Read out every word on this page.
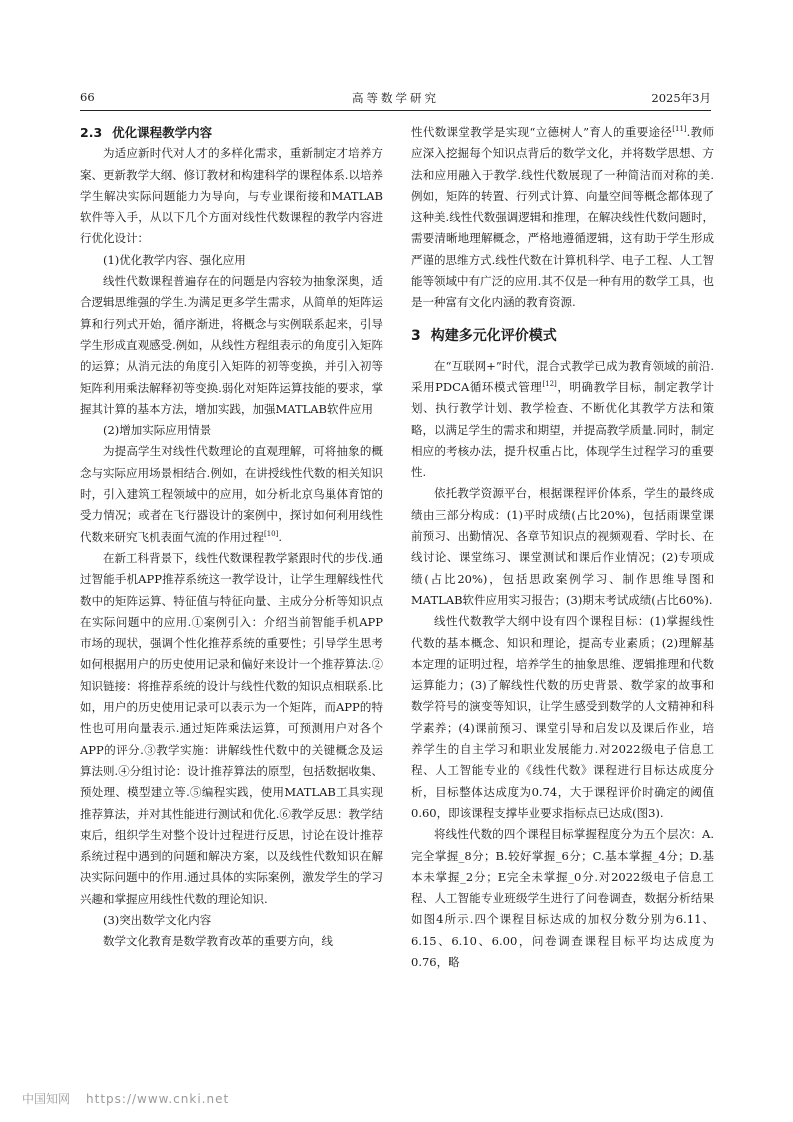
66	高等数学研究	2025年3月
2.3 优化课程教学内容

为适应新时代对人才的多样化需求，重新制定才培养方案、更新教学大纲、修订教材和构建科学的课程体系.以培养学生解决实际问题能力为导向，与专业课衔接和MATLAB软件等入手，从以下几个方面对线性代数课程的教学内容进行优化设计：

(1)优化教学内容、强化应用

线性代数课程普遍存在的问题是内容较为抽象深奥，适合逻辑思维强的学生.为满足更多学生需求，从简单的矩阵运算和行列式开始，循序渐进，将概念与实例联系起来，引导学生形成直观感受.例如，从线性方程组表示的角度引入矩阵的运算；从消元法的角度引入矩阵的初等变换，并引入初等矩阵利用乘法解释初等变换.弱化对矩阵运算技能的要求，掌握其计算的基本方法，增加实践，加强MATLAB软件应用

(2)增加实际应用情景

为提高学生对线性代数理论的直观理解，可将抽象的概念与实际应用场景相结合.例如，在讲授线性代数的相关知识时，引入建筑工程领域中的应用，如分析北京鸟巢体育馆的受力情况；或者在飞行器设计的案例中，探讨如何利用线性代数来研究飞机表面气流的作用过程[10].

在新工科背景下，线性代数课程教学紧跟时代的步伐.通过智能手机APP推荐系统这一教学设计，让学生理解线性代数中的矩阵运算、特征值与特征向量、主成分分析等知识点在实际问题中的应用.①案例引入：介绍当前智能手机APP市场的现状，强调个性化推荐系统的重要性；引导学生思考如何根据用户的历史使用记录和偏好来设计一个推荐算法.②知识链接：将推荐系统的设计与线性代数的知识点相联系.比如，用户的历史使用记录可以表示为一个矩阵，而APP的特性也可用向量表示.通过矩阵乘法运算，可预测用户对各个APP的评分.③教学实施：讲解线性代数中的关键概念及运算法则.④分组讨论：设计推荐算法的原型，包括数据收集、预处理、模型建立等.⑤编程实践，使用MATLAB工具实现推荐算法，并对其性能进行测试和优化.⑥教学反思：教学结束后，组织学生对整个设计过程进行反思，讨论在设计推荐系统过程中遇到的问题和解决方案，以及线性代数知识在解决实际问题中的作用.通过具体的实际案例，激发学生的学习兴趣和掌握应用线性代数的理论知识.

(3)突出数学文化内容

数学文化教育是数学教育改革的重要方向，线

性代数课堂教学是实现“立德树人”育人的重要途径[11].教师应深入挖掘每个知识点背后的数学文化，并将数学思想、方法和应用融入于教学.线性代数展现了一种简洁而对称的美.例如，矩阵的转置、行列式计算、向量空间等概念都体现了这种美.线性代数强调逻辑和推理，在解决线性代数问题时，需要清晰地理解概念，严格地遵循逻辑，这有助于学生形成严谨的思维方式.线性代数在计算机科学、电子工程、人工智能等领域中有广泛的应用.其不仅是一种有用的数学工具，也是一种富有文化内涵的教育资源.

3 构建多元化评价模式

在“互联网+”时代，混合式教学已成为教育领域的前沿.采用PDCA循环模式管理[12]，明确教学目标，制定教学计划、执行教学计划、教学检查、不断优化其教学方法和策略，以满足学生的需求和期望，并提高教学质量.同时，制定相应的考核办法，提升权重占比，体现学生过程学习的重要性.

依托教学资源平台，根据课程评价体系，学生的最终成绩由三部分构成：(1)平时成绩(占比20%)，包括雨课堂课前预习、出勤情况、各章节知识点的视频观看、学时长、在线讨论、课堂练习、课堂测试和课后作业情况；(2)专项成绩(占比20%)，包括思政案例学习、制作思维导图和MATLAB软件应用实习报告；(3)期末考试成绩(占比60%).

线性代数教学大纲中设有四个课程目标：(1)掌握线性代数的基本概念、知识和理论，提高专业素质；(2)理解基本定理的证明过程，培养学生的抽象思维、逻辑推理和代数运算能力；(3)了解线性代数的历史背景、数学家的故事和数学符号的演变等知识，让学生感受到数学的人文精神和科学素养；(4)课前预习、课堂引导和启发以及课后作业，培养学生的自主学习和职业发展能力.对2022级电子信息工程、人工智能专业的《线性代数》课程进行目标达成度分析，目标整体达成度为0.74，大于课程评价时确定的阈值0.60，即该课程支撑毕业要求指标点已达成(图3).

将线性代数的四个课程目标掌握程度分为五个层次：A.完全掌握_8分；B.较好掌握_6分；C.基本掌握_4分；D.基本未掌握_2分；E完全未掌握_0分.对2022级电子信息工程、人工智能专业班级学生进行了问卷调查，数据分析结果如图4所示.四个课程目标达成的加权分数分别为6.11、6.15、6.10、6.00，问卷调查课程目标平均达成度为0.76，略

中国知网 https://www.cnki.net
